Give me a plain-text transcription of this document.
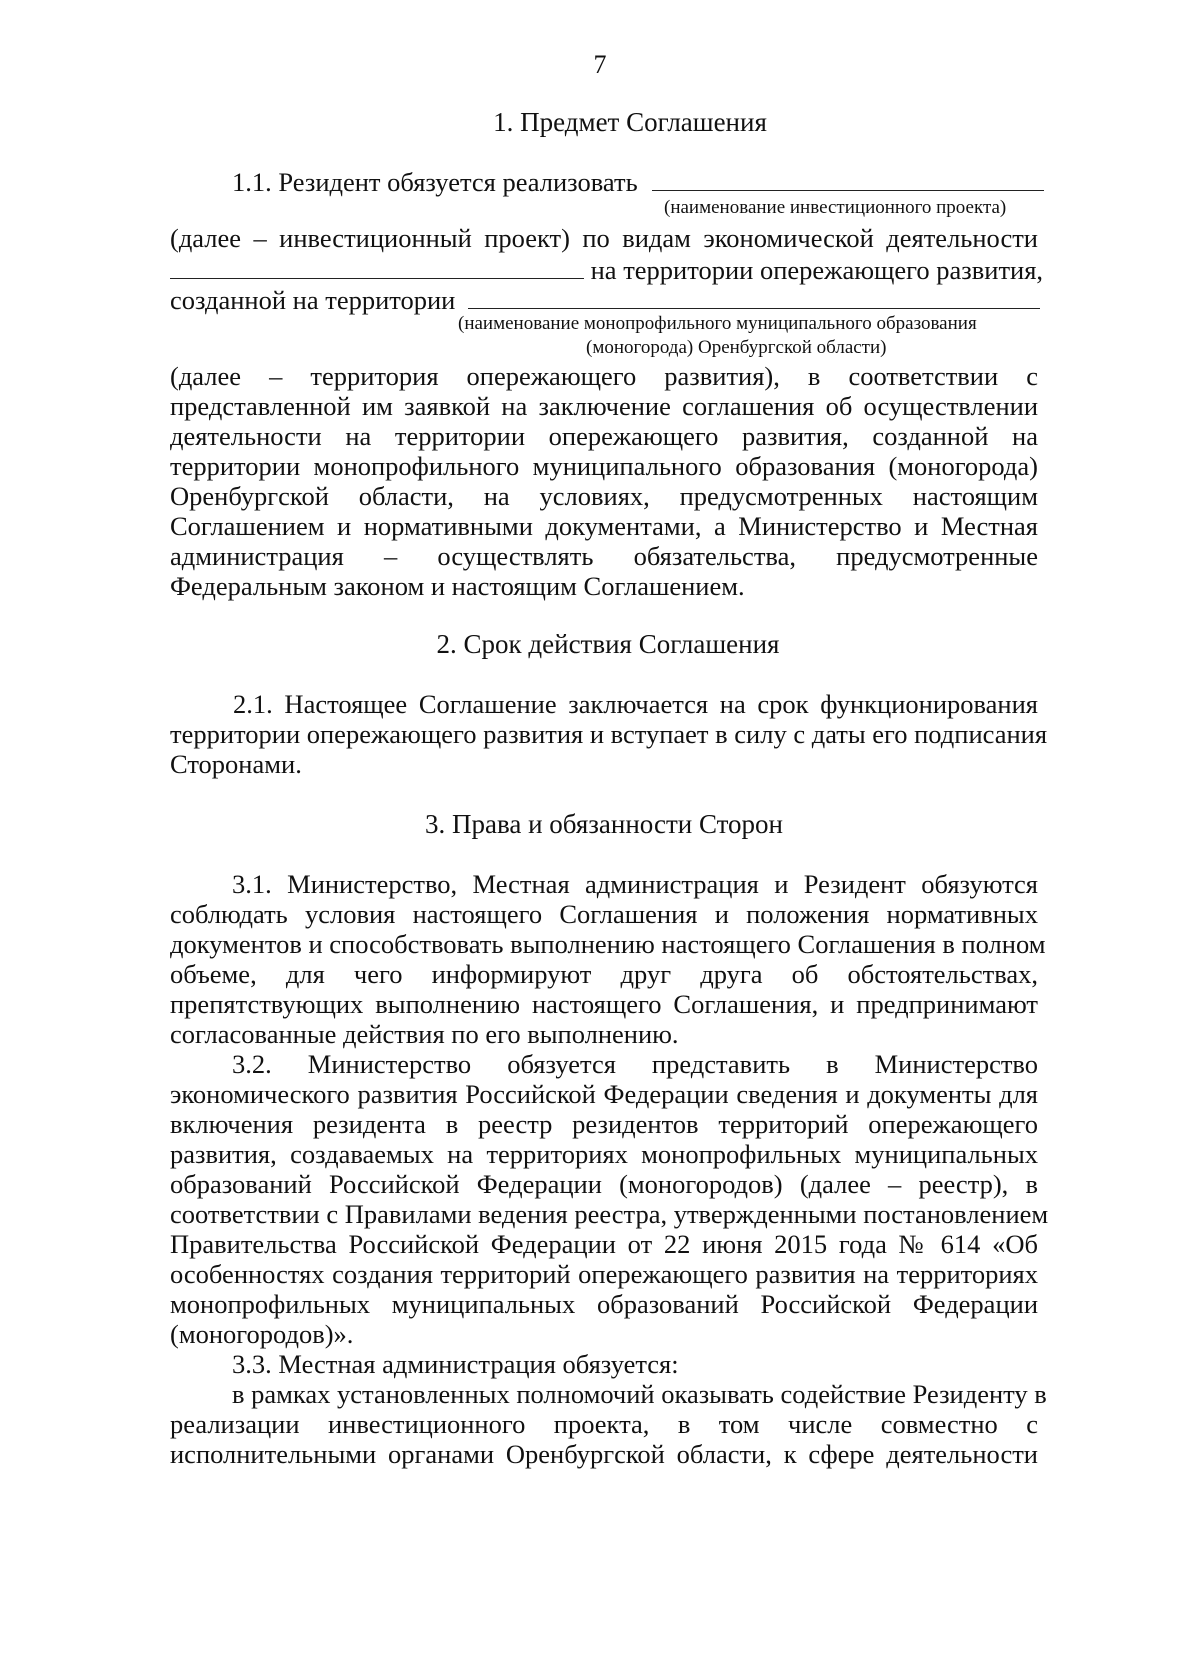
7
1. Предмет Соглашения
1.1. Резидент обязуется реализовать
(наименование инвестиционного проекта)
(далее – инвестиционный проект) по видам экономической деятельности
на территории опережающего развития,
созданной на территории
(наименование монопрофильного муниципального образования
(моногорода) Оренбургской области)
(далее – территория опережающего развития), в соответствии с
представленной им заявкой на заключение соглашения об осуществлении
деятельности на территории опережающего развития, созданной на
территории монопрофильного муниципального образования (моногорода)
Оренбургской области, на условиях, предусмотренных настоящим
Соглашением и нормативными документами, а Министерство и Местная
администрация – осуществлять обязательства, предусмотренные
Федеральным законом и настоящим Соглашением.
2. Срок действия Соглашения
2.1. Настоящее Соглашение заключается на срок функционирования
территории опережающего развития и вступает в силу с даты его подписания
Сторонами.
3. Права и обязанности Сторон
3.1. Министерство, Местная администрация и Резидент обязуются
соблюдать условия настоящего Соглашения и положения нормативных
документов и способствовать выполнению настоящего Соглашения в полном
объеме, для чего информируют друг друга об обстоятельствах,
препятствующих выполнению настоящего Соглашения, и предпринимают
согласованные действия по его выполнению.
3.2. Министерство обязуется представить в Министерство
экономического развития Российской Федерации сведения и документы для
включения резидента в реестр резидентов территорий опережающего
развития, создаваемых на территориях монопрофильных муниципальных
образований Российской Федерации (моногородов) (далее – реестр), в
соответствии с Правилами ведения реестра, утвержденными постановлением
Правительства Российской Федерации от 22 июня 2015 года № 614 «Об
особенностях создания территорий опережающего развития на территориях
монопрофильных муниципальных образований Российской Федерации
(моногородов)».
3.3. Местная администрация обязуется:
в рамках установленных полномочий оказывать содействие Резиденту в
реализации инвестиционного проекта, в том числе совместно с
исполнительными органами Оренбургской области, к сфере деятельности
